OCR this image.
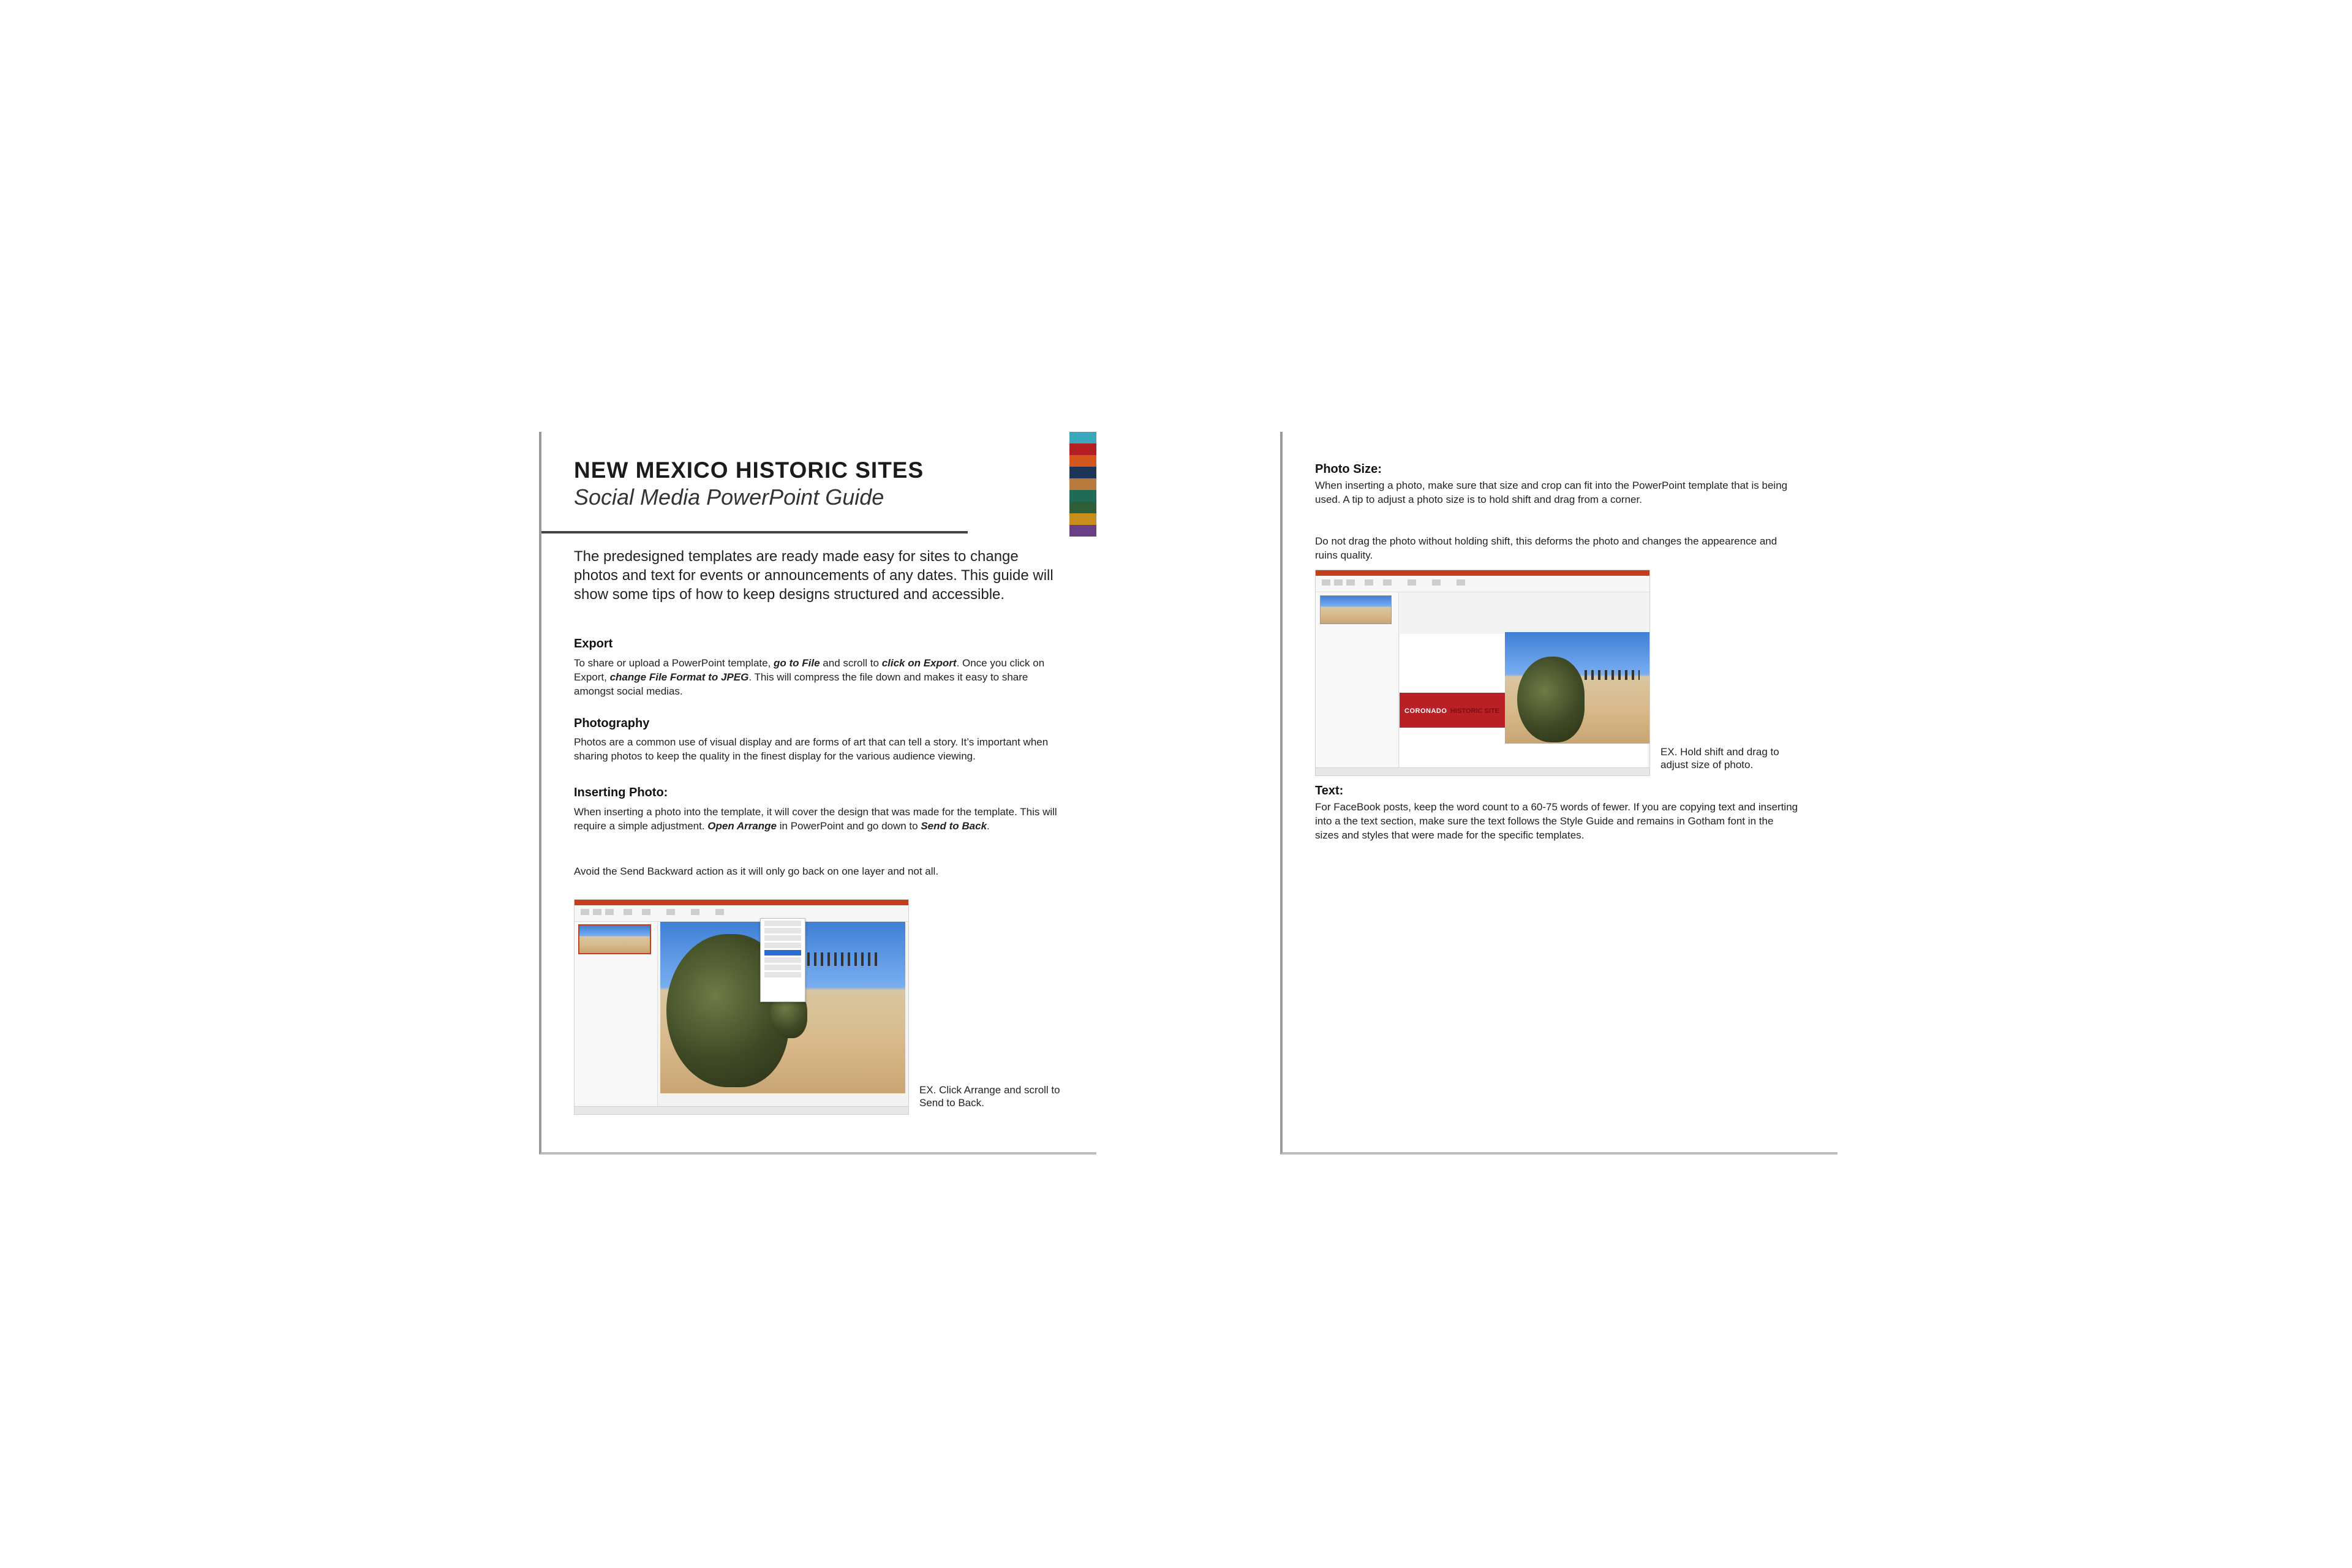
NEW MEXICO HISTORIC SITES
Social Media PowerPoint Guide
The predesigned templates are ready made easy for sites to change photos and text for events or announcements of any dates. This guide will show some tips of how to keep designs structured and accessible.
Export
To share or upload a PowerPoint template, go to File and scroll to click on Export. Once you click on Export, change File Format to JPEG. This will compress the file down and makes it easy to share amongst social medias.
Photography
Photos are a common use of visual display and are forms of art that can tell a story. It’s important when sharing photos to keep the quality in the finest display for the various audience viewing.
Inserting Photo:
When inserting a photo into the template, it will cover the design that was made for the template. This will require a simple adjustment. Open Arrange in PowerPoint and go down to Send to Back.
Avoid the Send Backward action as it will only go back on one layer and not all.
EX. Click Arrange and scroll to Send to Back.
Photo Size:
When inserting a photo, make sure that size and crop can fit into the PowerPoint template that is being used. A tip to adjust a photo size is to hold shift and drag from a corner.
Do not drag the photo without holding shift, this deforms the photo and changes the appearence and ruins quality.
CORONADO HISTORIC SITE
EX. Hold shift and drag to adjust size of photo.
Text:
For FaceBook posts, keep the word count to a 60-75 words of fewer. If you are copying text and inserting into a the text section, make sure the text follows the Style Guide and remains in Gotham font in the sizes and styles that were made for the specific templates.
